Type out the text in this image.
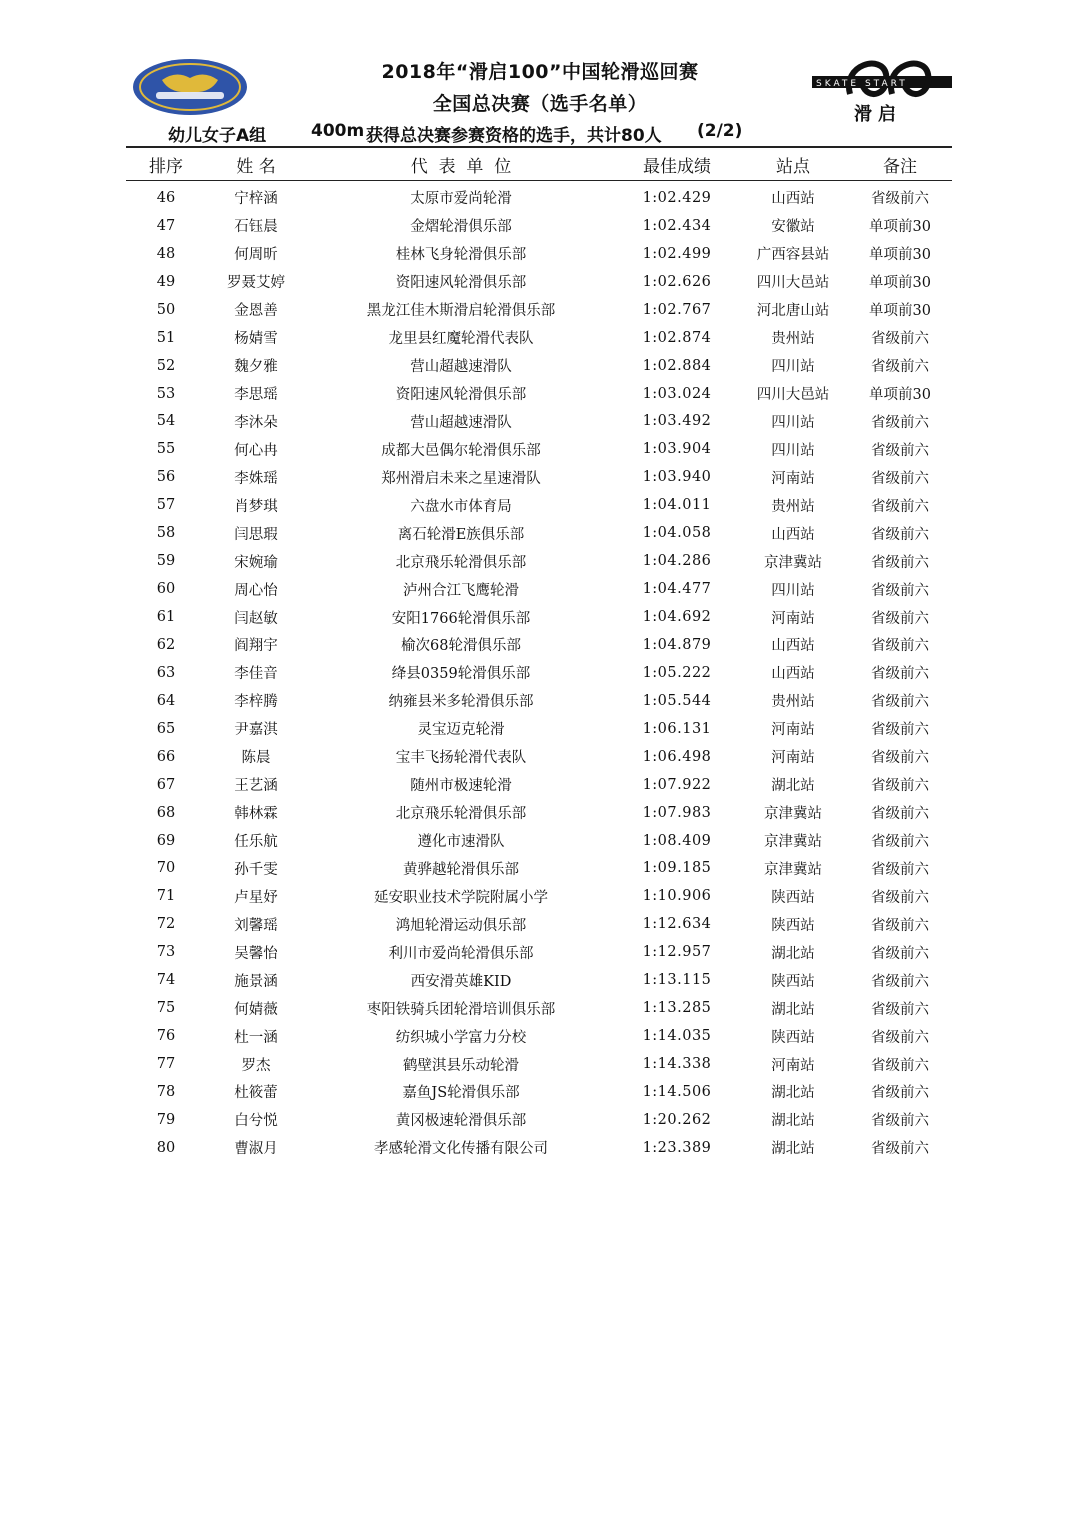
2018年“滑启100”中国轮滑巡回赛
全国总决赛（选手名单）
SKATE START
滑启
幼儿女子A组	400m 获得总决赛参赛资格的选手，共计80人 (2/2)
排序	姓 名	代  表  单  位	最佳成绩	站点	备注
46	宁梓涵	太原市爱尚轮滑	1:02.429	山西站	省级前六
47	石钰晨	金熠轮滑俱乐部	1:02.434	安徽站	单项前30
48	何周昕	桂林飞身轮滑俱乐部	1:02.499	广西容县站	单项前30
49	罗聂艾婷	资阳速风轮滑俱乐部	1:02.626	四川大邑站	单项前30
50	金恩善	黑龙江佳木斯滑启轮滑俱乐部	1:02.767	河北唐山站	单项前30
51	杨婧雪	龙里县红魔轮滑代表队	1:02.874	贵州站	省级前六
52	魏夕雅	营山超越速滑队	1:02.884	四川站	省级前六
53	李思瑶	资阳速风轮滑俱乐部	1:03.024	四川大邑站	单项前30
54	李沐朵	营山超越速滑队	1:03.492	四川站	省级前六
55	何心冉	成都大邑偶尔轮滑俱乐部	1:03.904	四川站	省级前六
56	李姝瑶	郑州滑启未来之星速滑队	1:03.940	河南站	省级前六
57	肖梦琪	六盘水市体育局	1:04.011	贵州站	省级前六
58	闫思瑕	离石轮滑E族俱乐部	1:04.058	山西站	省级前六
59	宋婉瑜	北京飛乐轮滑俱乐部	1:04.286	京津冀站	省级前六
60	周心怡	泸州合江飞鹰轮滑	1:04.477	四川站	省级前六
61	闫赵敏	安阳1766轮滑俱乐部	1:04.692	河南站	省级前六
62	阎翔宇	榆次68轮滑俱乐部	1:04.879	山西站	省级前六
63	李佳音	绛县0359轮滑俱乐部	1:05.222	山西站	省级前六
64	李梓腾	纳雍县米多轮滑俱乐部	1:05.544	贵州站	省级前六
65	尹嘉淇	灵宝迈克轮滑	1:06.131	河南站	省级前六
66	陈晨	宝丰飞扬轮滑代表队	1:06.498	河南站	省级前六
67	王艺涵	随州市极速轮滑	1:07.922	湖北站	省级前六
68	韩林霖	北京飛乐轮滑俱乐部	1:07.983	京津冀站	省级前六
69	任乐航	遵化市速滑队	1:08.409	京津冀站	省级前六
70	孙千雯	黄骅越轮滑俱乐部	1:09.185	京津冀站	省级前六
71	卢星妤	延安职业技术学院附属小学	1:10.906	陕西站	省级前六
72	刘馨瑶	鸿旭轮滑运动俱乐部	1:12.634	陕西站	省级前六
73	吴馨怡	利川市爱尚轮滑俱乐部	1:12.957	湖北站	省级前六
74	施景涵	西安滑英雄KID	1:13.115	陕西站	省级前六
75	何婧薇	枣阳铁骑兵团轮滑培训俱乐部	1:13.285	湖北站	省级前六
76	杜一涵	纺织城小学富力分校	1:14.035	陕西站	省级前六
77	罗杰	鹤壁淇县乐动轮滑	1:14.338	河南站	省级前六
78	杜筱蕾	嘉鱼JS轮滑俱乐部	1:14.506	湖北站	省级前六
79	白兮悦	黄冈极速轮滑俱乐部	1:20.262	湖北站	省级前六
80	曹淑月	孝感轮滑文化传播有限公司	1:23.389	湖北站	省级前六
